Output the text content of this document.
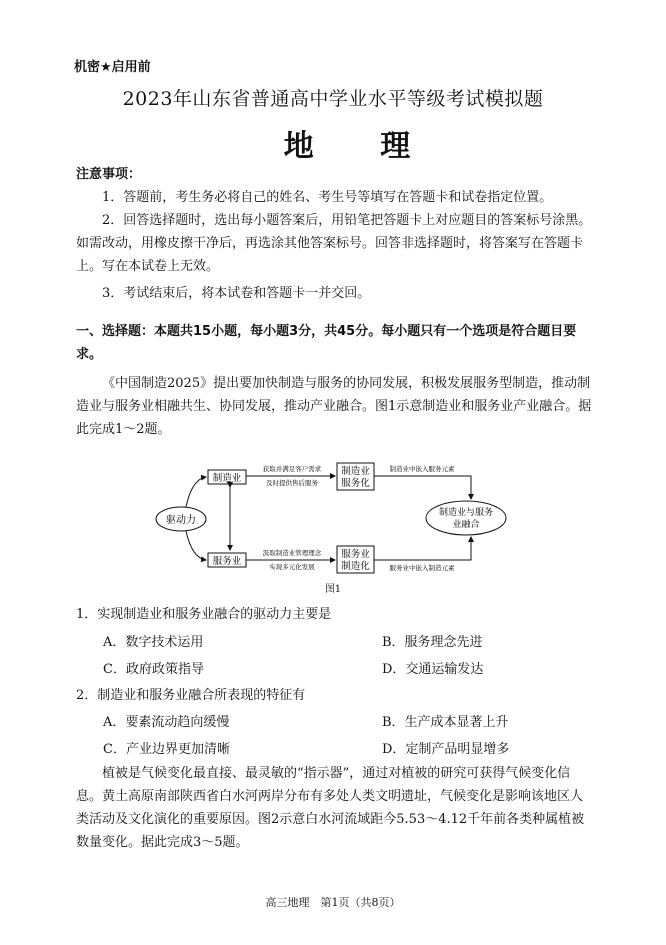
机密★启用前
2023年山东省普通高中学业水平等级考试模拟题
地 理
注意事项：
1．答题前，考生务必将自己的姓名、考生号等填写在答题卡和试卷指定位置。
2．回答选择题时，选出每小题答案后，用铅笔把答题卡上对应题目的答案标号涂黑。如需改动，用橡皮擦干净后，再选涂其他答案标号。回答非选择题时，将答案写在答题卡上。写在本试卷上无效。
3．考试结束后，将本试卷和答题卡一并交回。
一、选择题：本题共15小题，每小题3分，共45分。每小题只有一个选项是符合题目要求。
《中国制造2025》提出要加快制造与服务的协同发展，积极发展服务型制造，推动制造业与服务业相融共生、协同发展，推动产业融合。图1示意制造业和服务业产业融合。据此完成1～2题。
驱动力
制造业
服务业
制造业
服务化
服务业
制造化
获取并满足客户需求
及时提供售后服务
汲取制造业管理理念
实现多元化发展
制造业与服务
业融合
制造业中嵌入服务元素
服务业中嵌入制造元素
图1
1．实现制造业和服务业融合的驱动力主要是
A．数字技术运用	B．服务理念先进
C．政府政策指导	D．交通运输发达
2．制造业和服务业融合所表现的特征有
A．要素流动趋向缓慢	B．生产成本显著上升
C．产业边界更加清晰	D．定制产品明显增多
植被是气候变化最直接、最灵敏的“指示器”，通过对植被的研究可获得气候变化信息。黄土高原南部陕西省白水河两岸分布有多处人类文明遗址，气候变化是影响该地区人类活动及文化演化的重要原因。图2示意白水河流域距今5.53～4.12千年前各类种属植被数量变化。据此完成3～5题。
高三地理　第1页（共8页）
